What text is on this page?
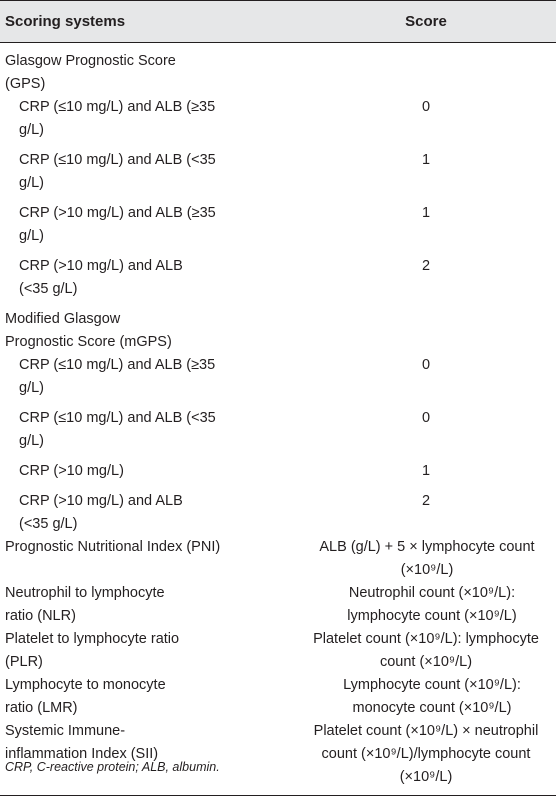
Scoring systems	Score
Glasgow Prognostic Score (GPS)	
CRP (≤10 mg/L) and ALB (≥35 g/L)	0
CRP (≤10 mg/L) and ALB (<35 g/L)	1
CRP (>10 mg/L) and ALB (≥35 g/L)	1
CRP (>10 mg/L) and ALB (<35 g/L)	2
Modified Glasgow Prognostic Score (mGPS)	
CRP (≤10 mg/L) and ALB (≥35 g/L)	0
CRP (≤10 mg/L) and ALB (<35 g/L)	0
CRP (>10 mg/L)	1
CRP (>10 mg/L) and ALB (<35 g/L)	2
Prognostic Nutritional Index (PNI)	ALB (g/L) + 5 × lymphocyte count (×10⁹/L)
Neutrophil to lymphocyte ratio (NLR)	Neutrophil count (×10⁹/L): lymphocyte count (×10⁹/L)
Platelet to lymphocyte ratio (PLR)	Platelet count (×10⁹/L): lymphocyte count (×10⁹/L)
Lymphocyte to monocyte ratio (LMR)	Lymphocyte count (×10⁹/L): monocyte count (×10⁹/L)
Systemic Immune-inflammation Index (SII)	Platelet count (×10⁹/L) × neutrophil count (×10⁹/L)/lymphocyte count (×10⁹/L)
CRP, C-reactive protein; ALB, albumin.
